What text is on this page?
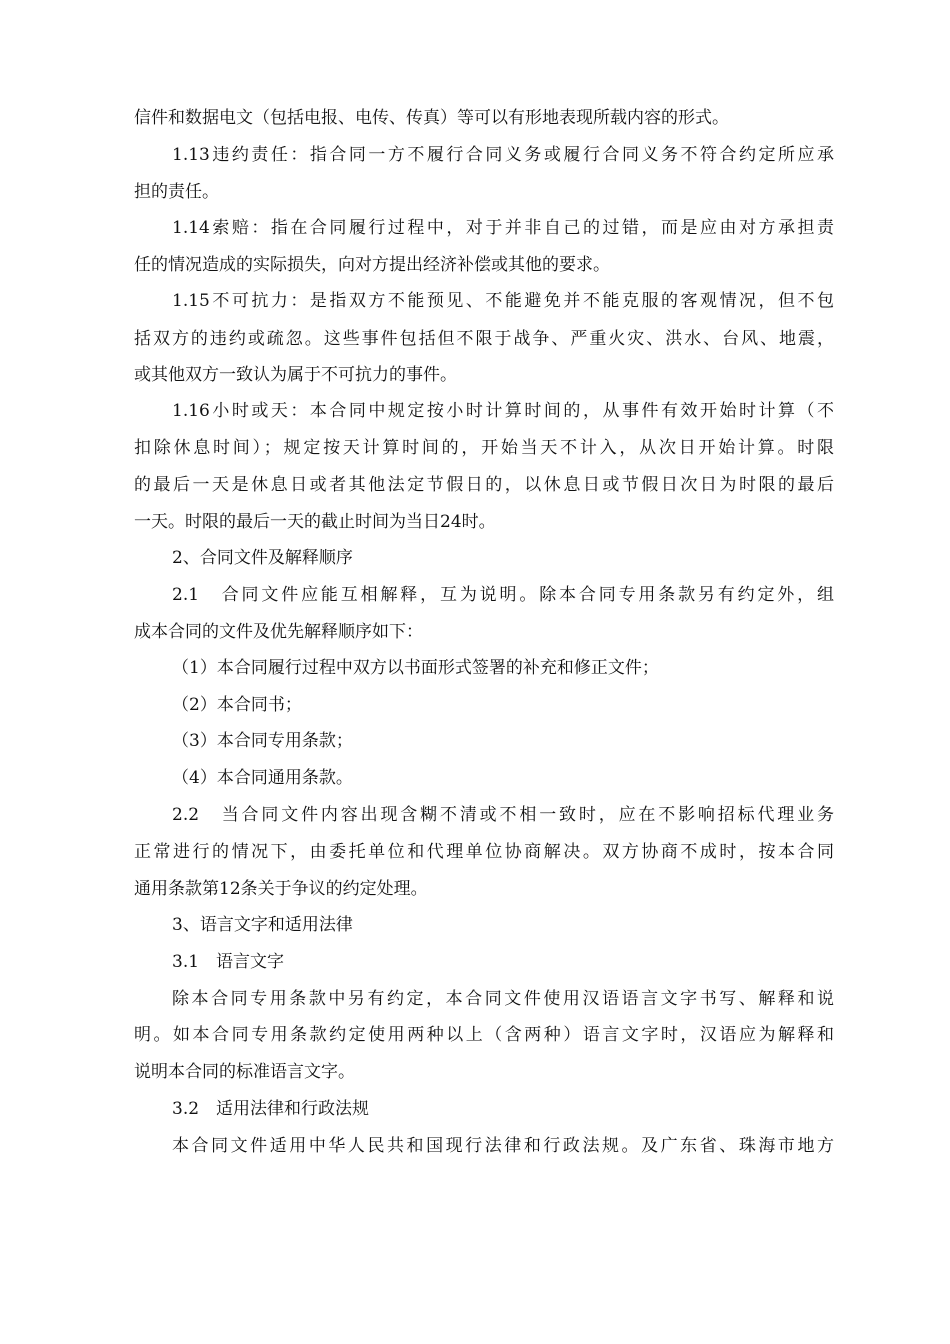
信件和数据电文（包括电报、电传、传真）等可以有形地表现所载内容的形式。

1.13违约责任：指合同一方不履行合同义务或履行合同义务不符合约定所应承

担的责任。

1.14索赔：指在合同履行过程中，对于并非自己的过错，而是应由对方承担责

任的情况造成的实际损失，向对方提出经济补偿或其他的要求。

1.15不可抗力：是指双方不能预见、不能避免并不能克服的客观情况，但不包

括双方的违约或疏忽。这些事件包括但不限于战争、严重火灾、洪水、台风、地震，

或其他双方一致认为属于不可抗力的事件。

1.16小时或天：本合同中规定按小时计算时间的，从事件有效开始时计算（不

扣除休息时间）；规定按天计算时间的，开始当天不计入，从次日开始计算。时限

的最后一天是休息日或者其他法定节假日的，以休息日或节假日次日为时限的最后

一天。时限的最后一天的截止时间为当日24时。

2、合同文件及解释顺序

2.1　合同文件应能互相解释，互为说明。除本合同专用条款另有约定外，组

成本合同的文件及优先解释顺序如下：

（1）本合同履行过程中双方以书面形式签署的补充和修正文件；

（2）本合同书；

（3）本合同专用条款；

（4）本合同通用条款。

2.2　当合同文件内容出现含糊不清或不相一致时，应在不影响招标代理业务

正常进行的情况下，由委托单位和代理单位协商解决。双方协商不成时，按本合同

通用条款第12条关于争议的约定处理。

3、语言文字和适用法律

3.1　语言文字

除本合同专用条款中另有约定，本合同文件使用汉语语言文字书写、解释和说

明。如本合同专用条款约定使用两种以上（含两种）语言文字时，汉语应为解释和

说明本合同的标准语言文字。

3.2　适用法律和行政法规

本合同文件适用中华人民共和国现行法律和行政法规。及广东省、珠海市地方
